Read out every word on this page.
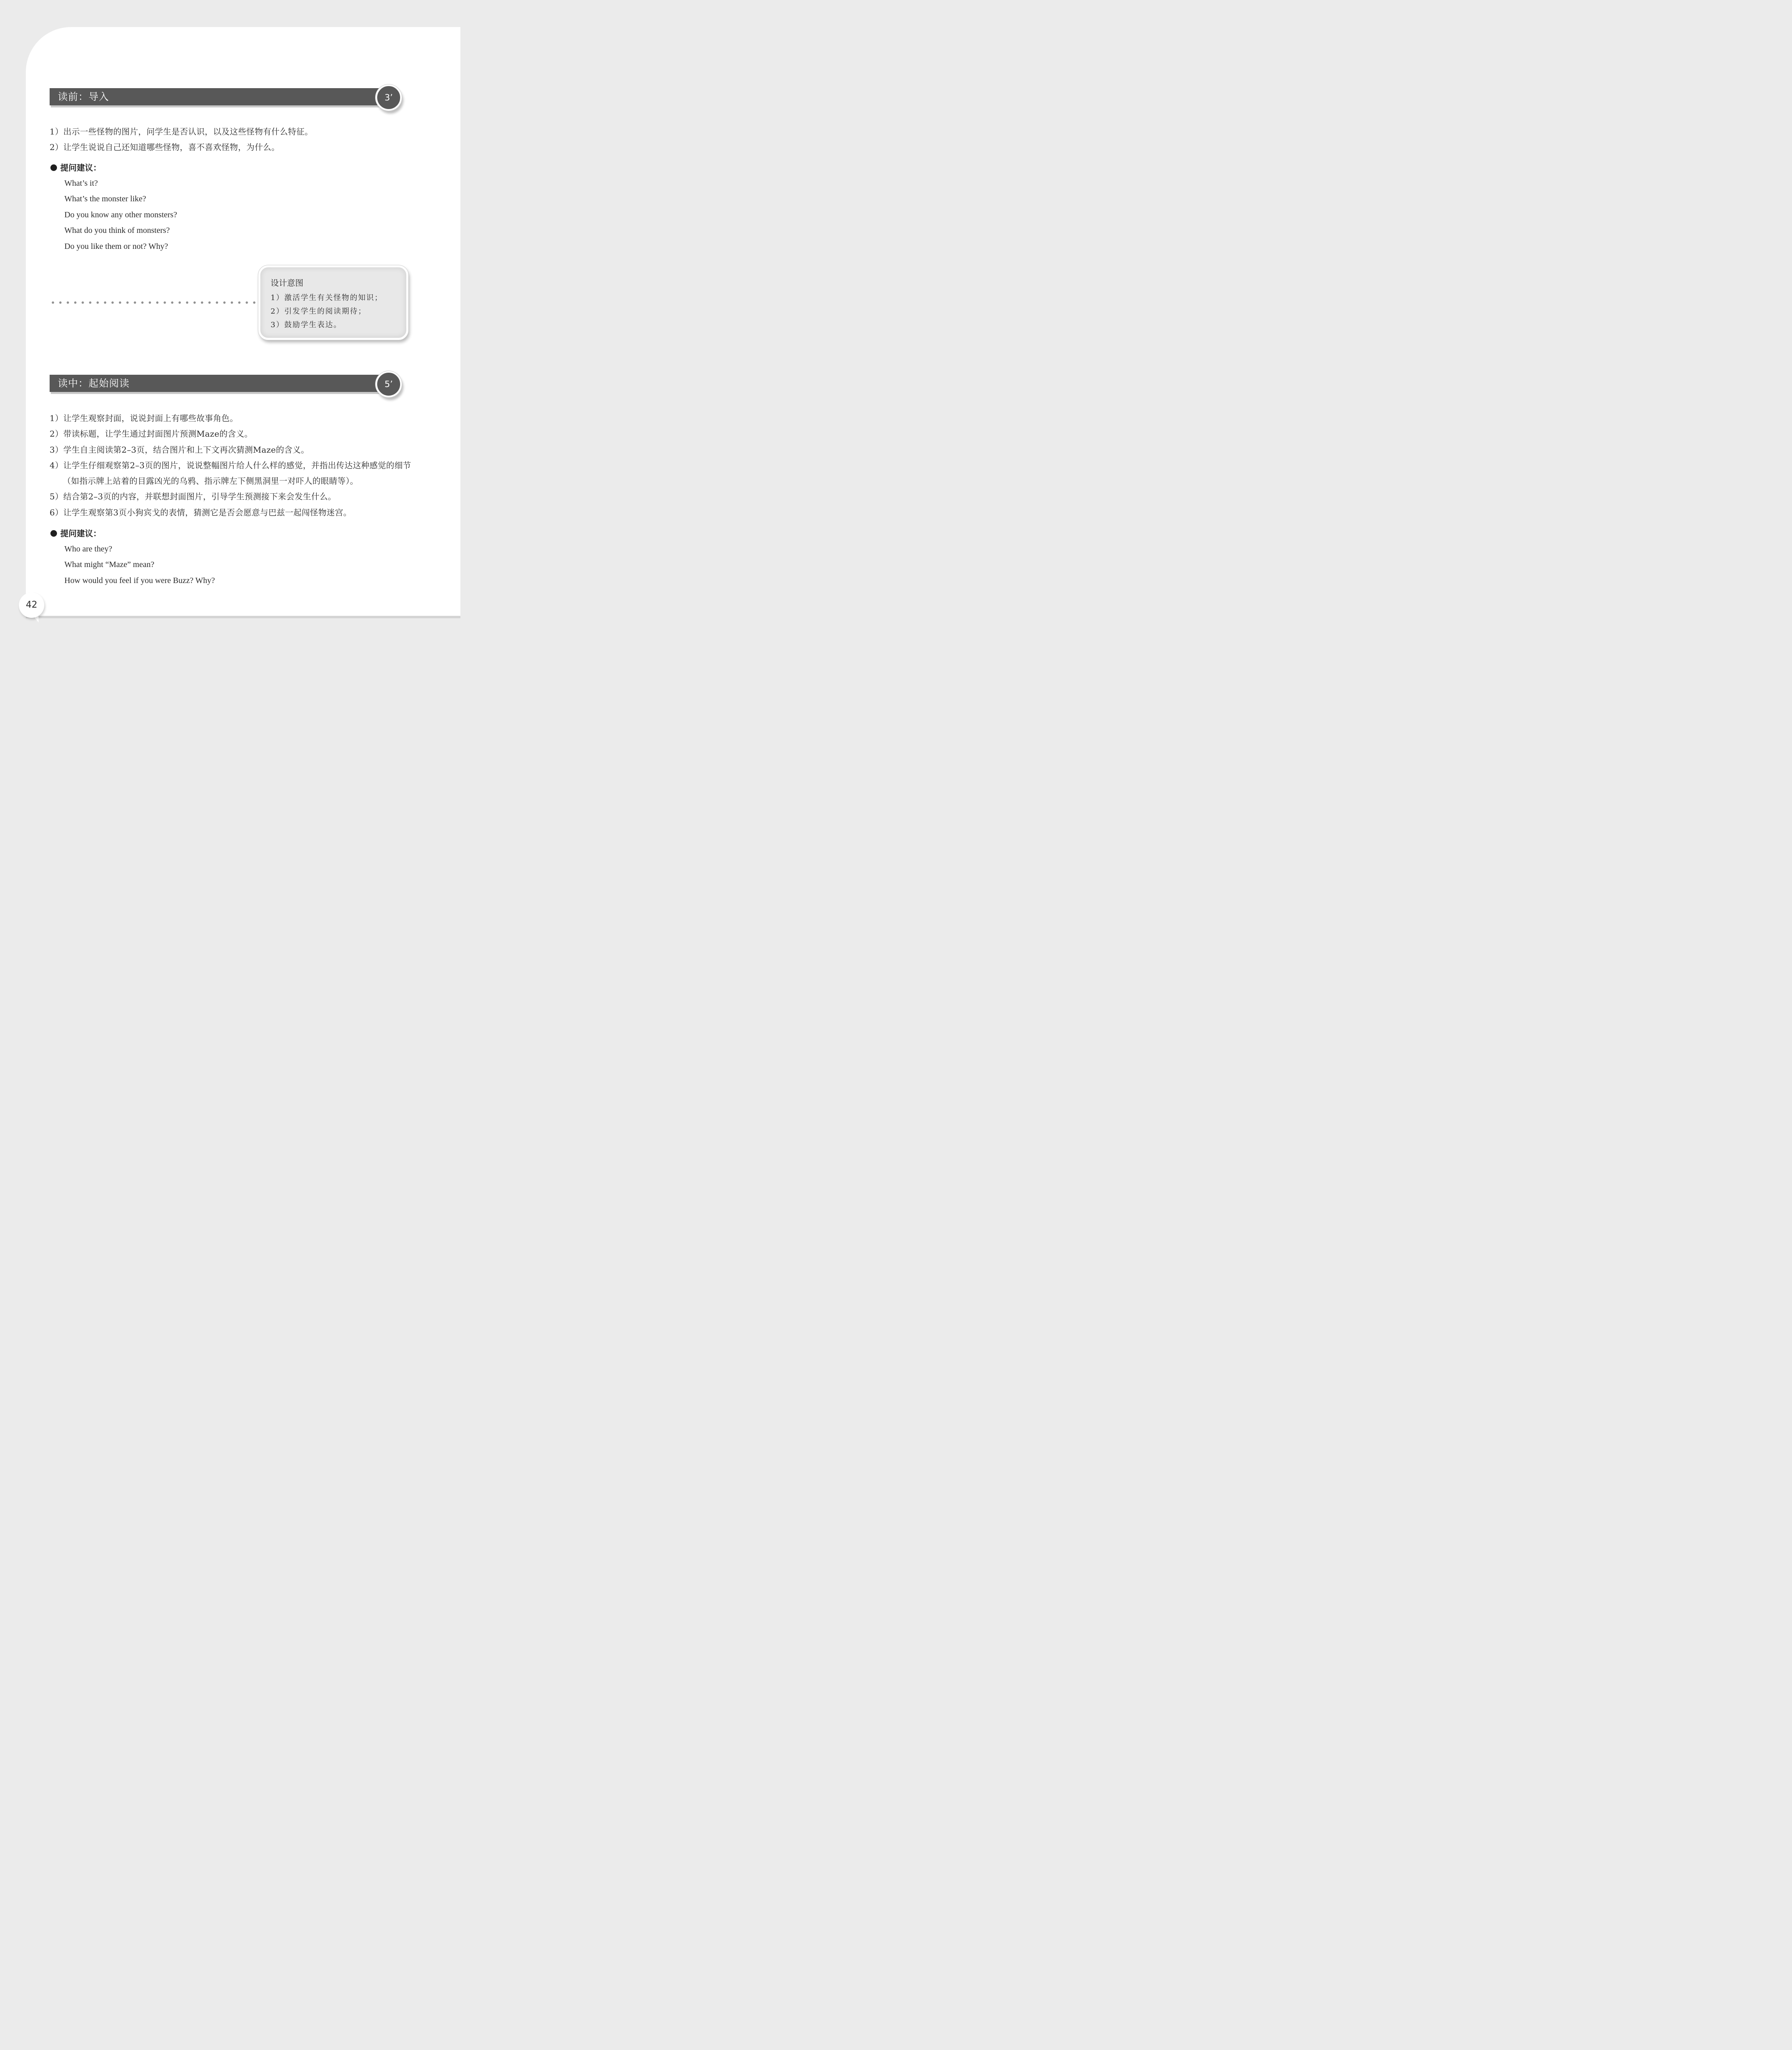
读前：导入	3’
1）出示一些怪物的图片，问学生是否认识，以及这些怪物有什么特征。
2）让学生说说自己还知道哪些怪物，喜不喜欢怪物，为什么。
提问建议：
What’s it?
What’s the monster like?
Do you know any other monsters?
What do you think of monsters?
Do you like them or not? Why?
设计意图
1）激活学生有关怪物的知识；
2）引发学生的阅读期待；
3）鼓励学生表达。
读中：起始阅读	5’
1）让学生观察封面，说说封面上有哪些故事角色。
2）带读标题，让学生通过封面图片预测Maze的含义。
3）学生自主阅读第2–3页，结合图片和上下文再次猜测Maze的含义。
4）让学生仔细观察第2–3页的图片，说说整幅图片给人什么样的感觉，并指出传达这种感觉的细节（如指示牌上站着的目露凶光的乌鸦、指示牌左下侧黑洞里一对吓人的眼睛等）。
5）结合第2–3页的内容，并联想封面图片，引导学生预测接下来会发生什么。
6）让学生观察第3页小狗宾戈的表情，猜测它是否会愿意与巴兹一起闯怪物迷宫。
提问建议：
Who are they?
What might “Maze” mean?
How would you feel if you were Buzz? Why?
42
